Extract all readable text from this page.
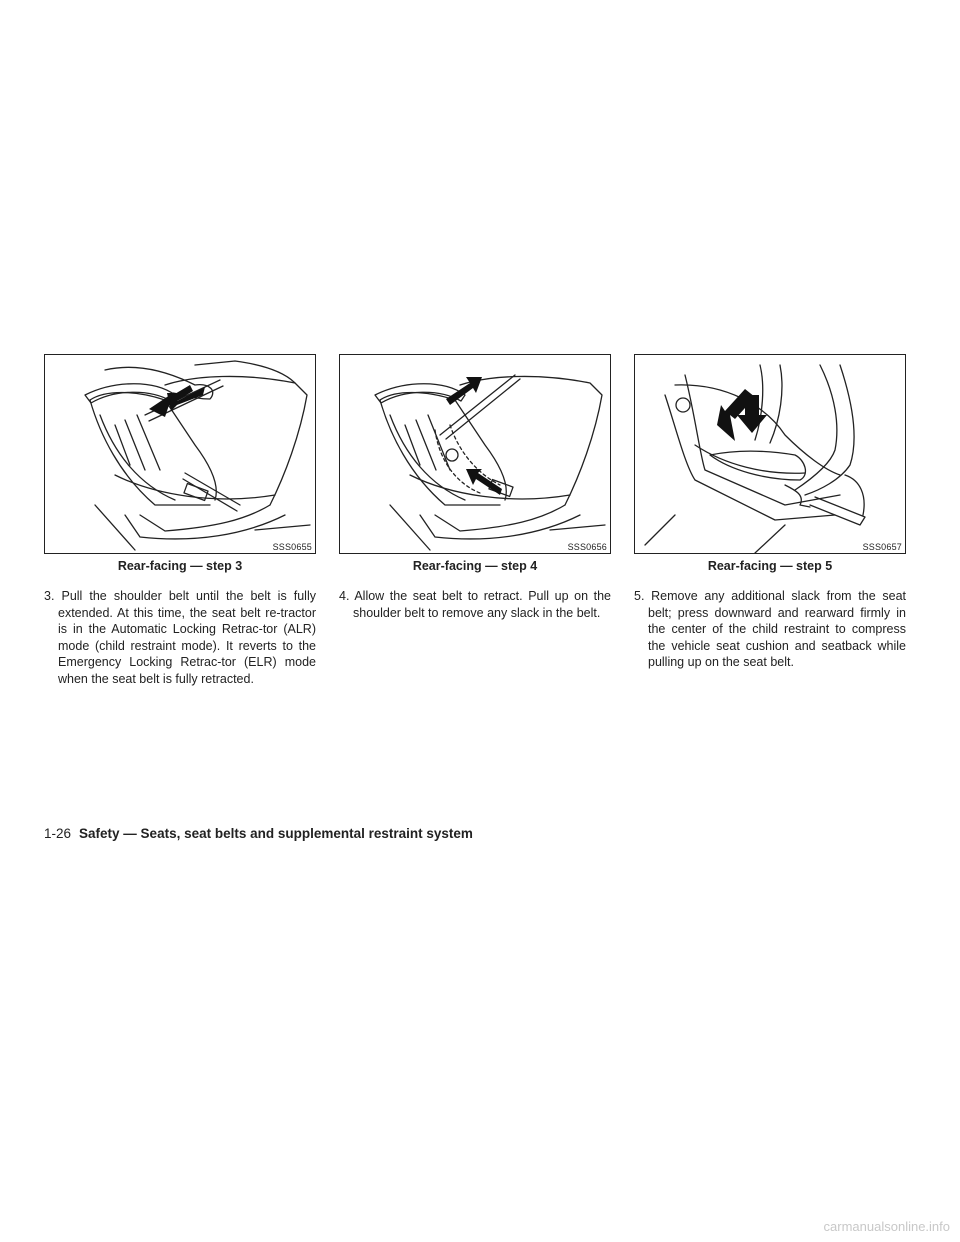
SSS0655
Rear-facing — step 3

3. Pull the shoulder belt until the belt is fully extended. At this time, the seat belt re-tractor is in the Automatic Locking Retrac-tor (ALR) mode (child restraint mode). It reverts to the Emergency Locking Retrac-tor (ELR) mode when the seat belt is fully retracted.

SSS0656
Rear-facing — step 4

4. Allow the seat belt to retract. Pull up on the shoulder belt to remove any slack in the belt.

SSS0657
Rear-facing — step 5

5. Remove any additional slack from the seat belt; press downward and rearward firmly in the center of the child restraint to compress the vehicle seat cushion and seatback while pulling up on the seat belt.

1-26 Safety — Seats, seat belts and supplemental restraint system
carmanualsonline.info
